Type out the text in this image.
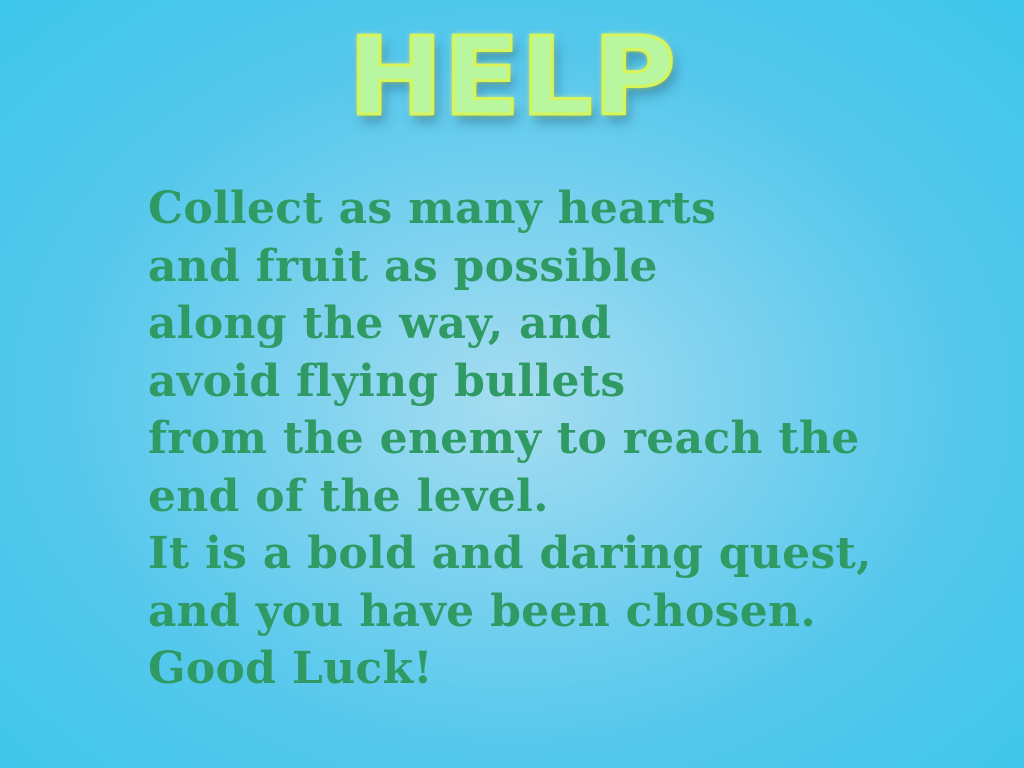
HELP
Collect as many hearts
and fruit as possible
along the way, and
avoid flying bullets
from the enemy to reach the
end of the level.
It is a bold and daring quest,
and you have been chosen.
Good Luck!
